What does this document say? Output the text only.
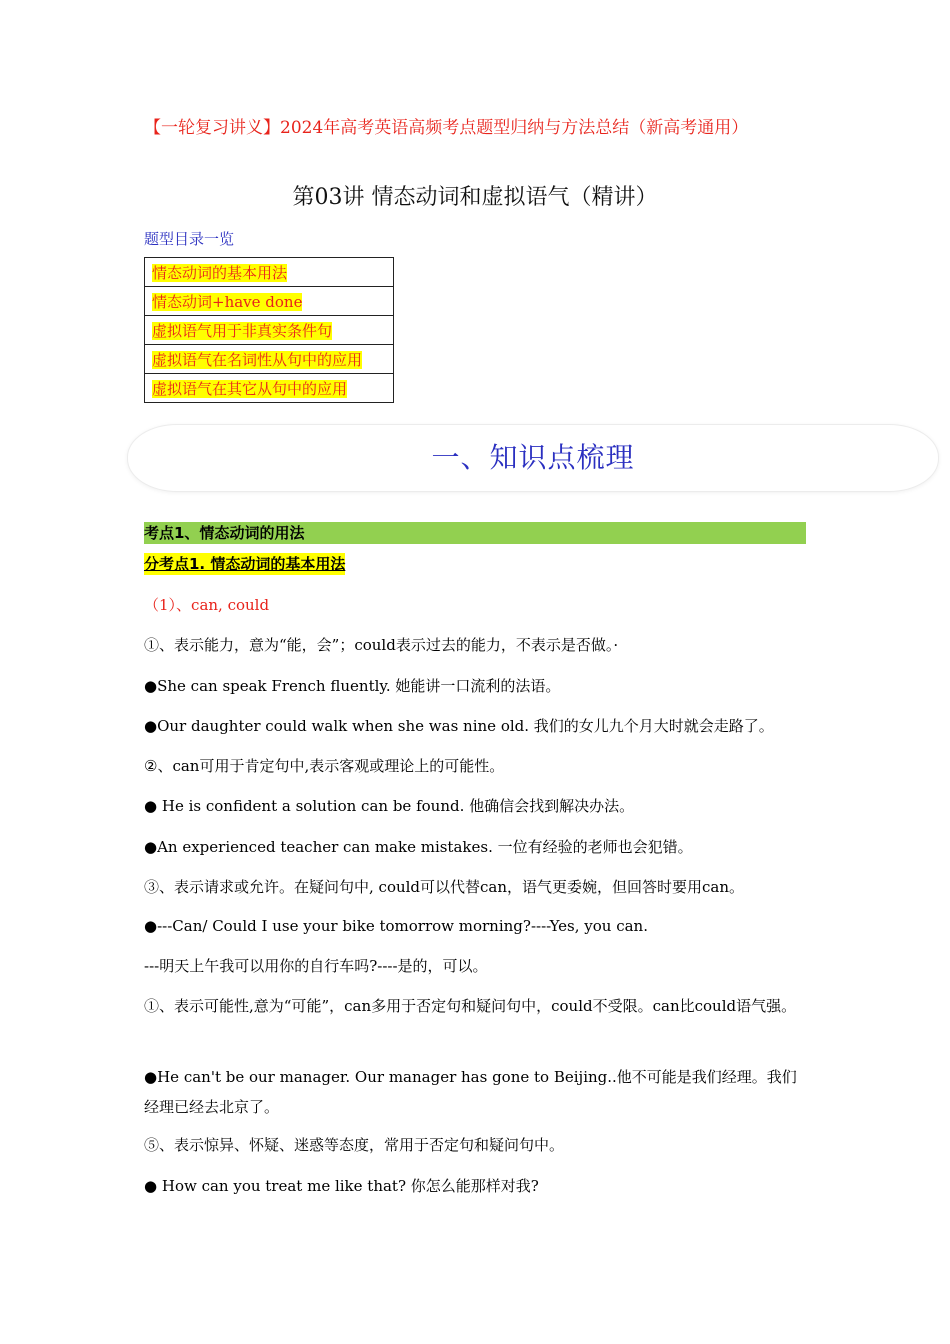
【一轮复习讲义】2024年高考英语高频考点题型归纳与方法总结（新高考通用）

第03讲 情态动词和虚拟语气（精讲）

题型目录一览

情态动词的基本用法
情态动词+have done
虚拟语气用于非真实条件句
虚拟语气在名词性从句中的应用
虚拟语气在其它从句中的应用
一、知识点梳理
考点1、情态动词的用法
分考点1. 情态动词的基本用法

（1）、can, could

①、表示能力，意为“能，会”；could表示过去的能力，不表示是否做。·

●She can speak French fluently. 她能讲一口流利的法语。

●Our daughter could walk when she was nine old. 我们的女儿九个月大时就会走路了。

②、can可用于肯定句中,表示客观或理论上的可能性。

● He is confident a solution can be found. 他确信会找到解决办法。

●An experienced teacher can make mistakes. 一位有经验的老师也会犯错。

③、表示请求或允许。在疑问句中, could可以代替can，语气更委婉，但回答时要用can。

●---Can/ Could I use your bike tomorrow morning?----Yes, you can.

---明天上午我可以用你的自行车吗?----是的，可以。

①、表示可能性,意为“可能”，can多用于否定句和疑问句中，could不受限。can比could语气强。

●He can't be our manager. Our manager has gone to Beijing..他不可能是我们经理。我们经理已经去北京了。

⑤、表示惊异、怀疑、迷惑等态度，常用于否定句和疑问句中。

● How can you treat me like that? 你怎么能那样对我?
